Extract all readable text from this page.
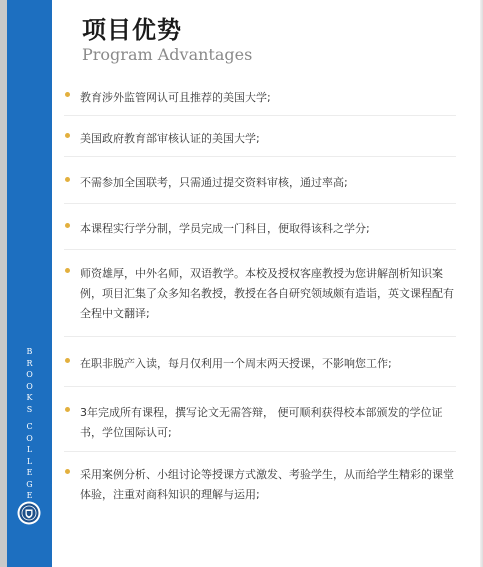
B
R
O
O
K
S
C
O
L
L
E
G
E
项目优势
Program Advantages
教育涉外监管网认可且推荐的美国大学;
美国政府教育部审核认证的美国大学;
不需参加全国联考，只需通过提交资料审核，通过率高;
本课程实行学分制，学员完成一门科目，便取得该科之学分;
师资雄厚，中外名师，双语教学。本校及授权客座教授为您讲解剖析知识案例，项目汇集了众多知名教授，教授在各自研究领域颇有造诣，英文课程配有全程中文翻译;
在职非脱产入读，每月仅利用一个周末两天授课，不影响您工作;
3年完成所有课程，撰写论文无需答辩， 便可顺利获得校本部颁发的学位证书，学位国际认可;
采用案例分析、小组讨论等授课方式激发、考验学生，从而给学生精彩的课堂体验，注重对商科知识的理解与运用;
